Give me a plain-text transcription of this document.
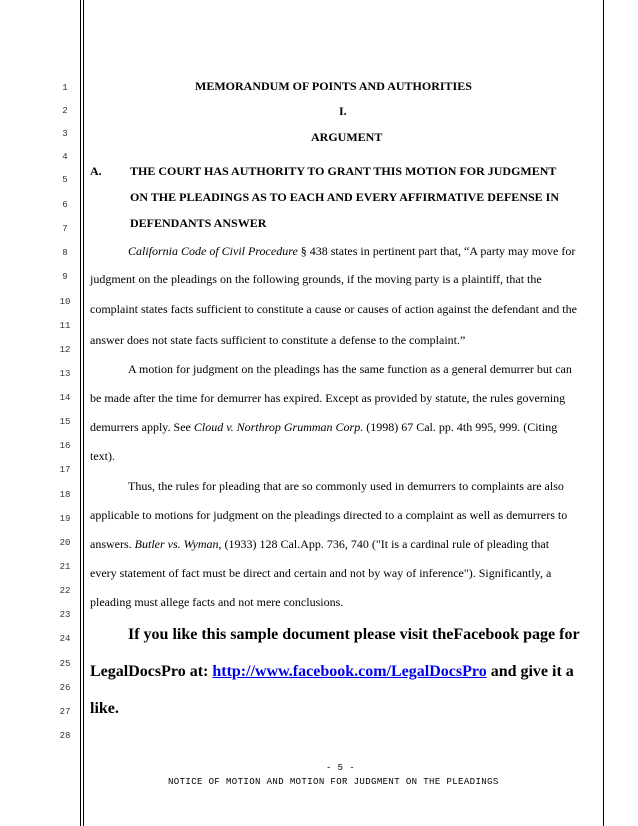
1
2
3
4
5
6
7
8
9
10
11
12
13
14
15
16
17
18
19
20
21
22
23
24
25
26
27
28
MEMORANDUM OF POINTS AND AUTHORITIES
I.
ARGUMENT
A. THE COURT HAS AUTHORITY TO GRANT THIS MOTION FOR JUDGMENT
ON THE PLEADINGS AS TO EACH AND EVERY AFFIRMATIVE DEFENSE IN
DEFENDANTS ANSWER
California Code of Civil Procedure § 438 states in pertinent part that, “A party may move for
judgment on the pleadings on the following grounds, if the moving party is a plaintiff, that the
complaint states facts sufficient to constitute a cause or causes of action against the defendant and the
answer does not state facts sufficient to constitute a defense to the complaint.”
A motion for judgment on the pleadings has the same function as a general demurrer but can
be made after the time for demurrer has expired. Except as provided by statute, the rules governing
demurrers apply. See Cloud v. Northrop Grumman Corp. (1998) 67 Cal. pp. 4th 995, 999. (Citing
text).
Thus, the rules for pleading that are so commonly used in demurrers to complaints are also
applicable to motions for judgment on the pleadings directed to a complaint as well as demurrers to
answers. Butler vs. Wyman, (1933) 128 Cal.App. 736, 740 ("It is a cardinal rule of pleading that
every statement of fact must be direct and certain and not by way of inference"). Significantly, a
pleading must allege facts and not mere conclusions.
If you like this sample document please visit theFacebook page for
LegalDocsPro at: http://www.facebook.com/LegalDocsPro and give it a
like.
- 5 -
NOTICE OF MOTION AND MOTION FOR JUDGMENT ON THE PLEADINGS
